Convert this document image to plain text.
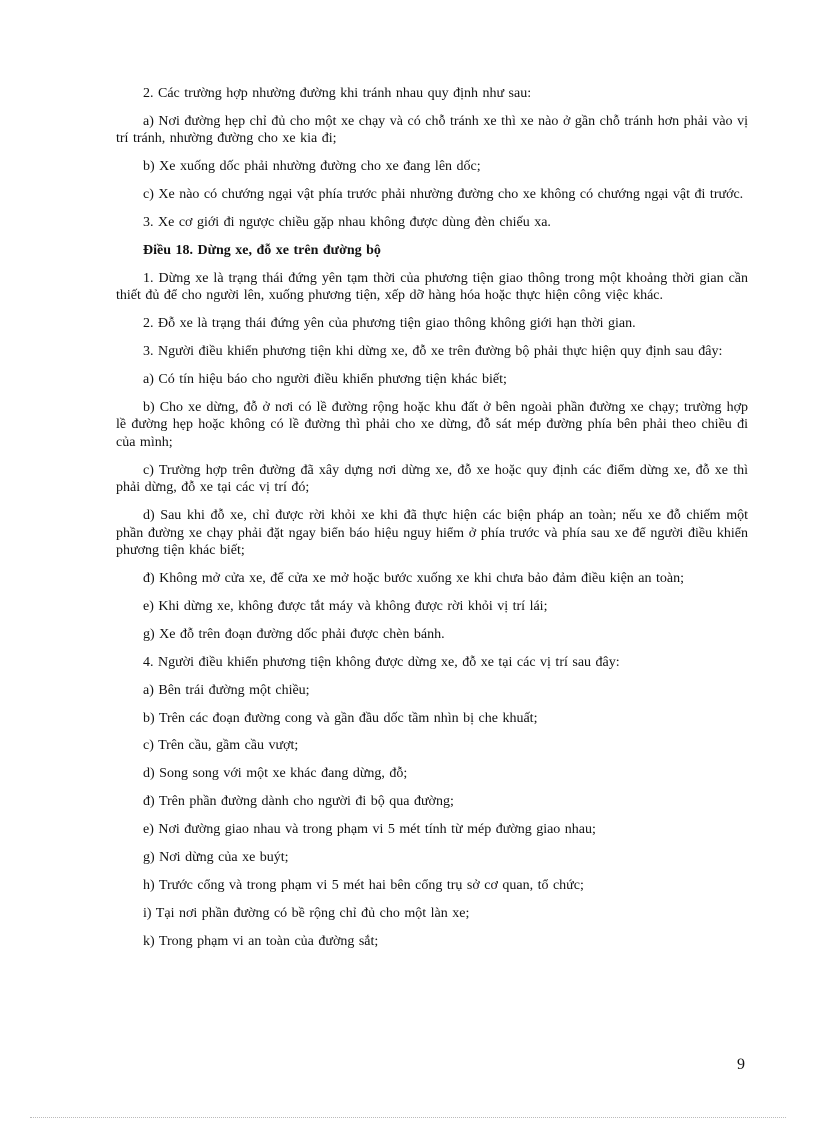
2. Các trường hợp nhường đường khi tránh nhau quy định như sau:

a) Nơi đường hẹp chỉ đủ cho một xe chạy và có chỗ tránh xe thì xe nào ở gần chỗ tránh hơn phải vào vị trí tránh, nhường đường cho xe kia đi;

b) Xe xuống dốc phải nhường đường cho xe đang lên dốc;

c) Xe nào có chướng ngại vật phía trước phải nhường đường cho xe không có chướng ngại vật đi trước.

3. Xe cơ giới đi ngược chiều gặp nhau không được dùng đèn chiếu xa.

Điều 18. Dừng xe, đỗ xe trên đường bộ

1. Dừng xe là trạng thái đứng yên tạm thời của phương tiện giao thông trong một khoảng thời gian cần thiết đủ để cho người lên, xuống phương tiện, xếp dỡ hàng hóa hoặc thực hiện công việc khác.

2. Đỗ xe là trạng thái đứng yên của phương tiện giao thông không giới hạn thời gian.

3. Người điều khiển phương tiện khi dừng xe, đỗ xe trên đường bộ phải thực hiện quy định sau đây:

a) Có tín hiệu báo cho người điều khiển phương tiện khác biết;

b) Cho xe dừng, đỗ ở nơi có lề đường rộng hoặc khu đất ở bên ngoài phần đường xe chạy; trường hợp lề đường hẹp hoặc không có lề đường thì phải cho xe dừng, đỗ sát mép đường phía bên phải theo chiều đi của mình;

c) Trường hợp trên đường đã xây dựng nơi dừng xe, đỗ xe hoặc quy định các điểm dừng xe, đỗ xe thì phải dừng, đỗ xe tại các vị trí đó;

d) Sau khi đỗ xe, chỉ được rời khỏi xe khi đã thực hiện các biện pháp an toàn; nếu xe đỗ chiếm một phần đường xe chạy phải đặt ngay biển báo hiệu nguy hiểm ở phía trước và phía sau xe để người điều khiển phương tiện khác biết;

đ) Không mở cửa xe, để cửa xe mở hoặc bước xuống xe khi chưa bảo đảm điều kiện an toàn;

e) Khi dừng xe, không được tắt máy và không được rời khỏi vị trí lái;

g) Xe đỗ trên đoạn đường dốc phải được chèn bánh.

4. Người điều khiển phương tiện không được dừng xe, đỗ xe tại các vị trí sau đây:

a) Bên trái đường một chiều;

b) Trên các đoạn đường cong và gần đầu dốc tầm nhìn bị che khuất;

c) Trên cầu, gầm cầu vượt;

d) Song song với một xe khác đang dừng, đỗ;

đ) Trên phần đường dành cho người đi bộ qua đường;

e) Nơi đường giao nhau và trong phạm vi 5 mét tính từ mép đường giao nhau;

g) Nơi dừng của xe buýt;

h) Trước cổng và trong phạm vi 5 mét hai bên cổng trụ sở cơ quan, tổ chức;

i) Tại nơi phần đường có bề rộng chỉ đủ cho một làn xe;

k) Trong phạm vi an toàn của đường sắt;

9
